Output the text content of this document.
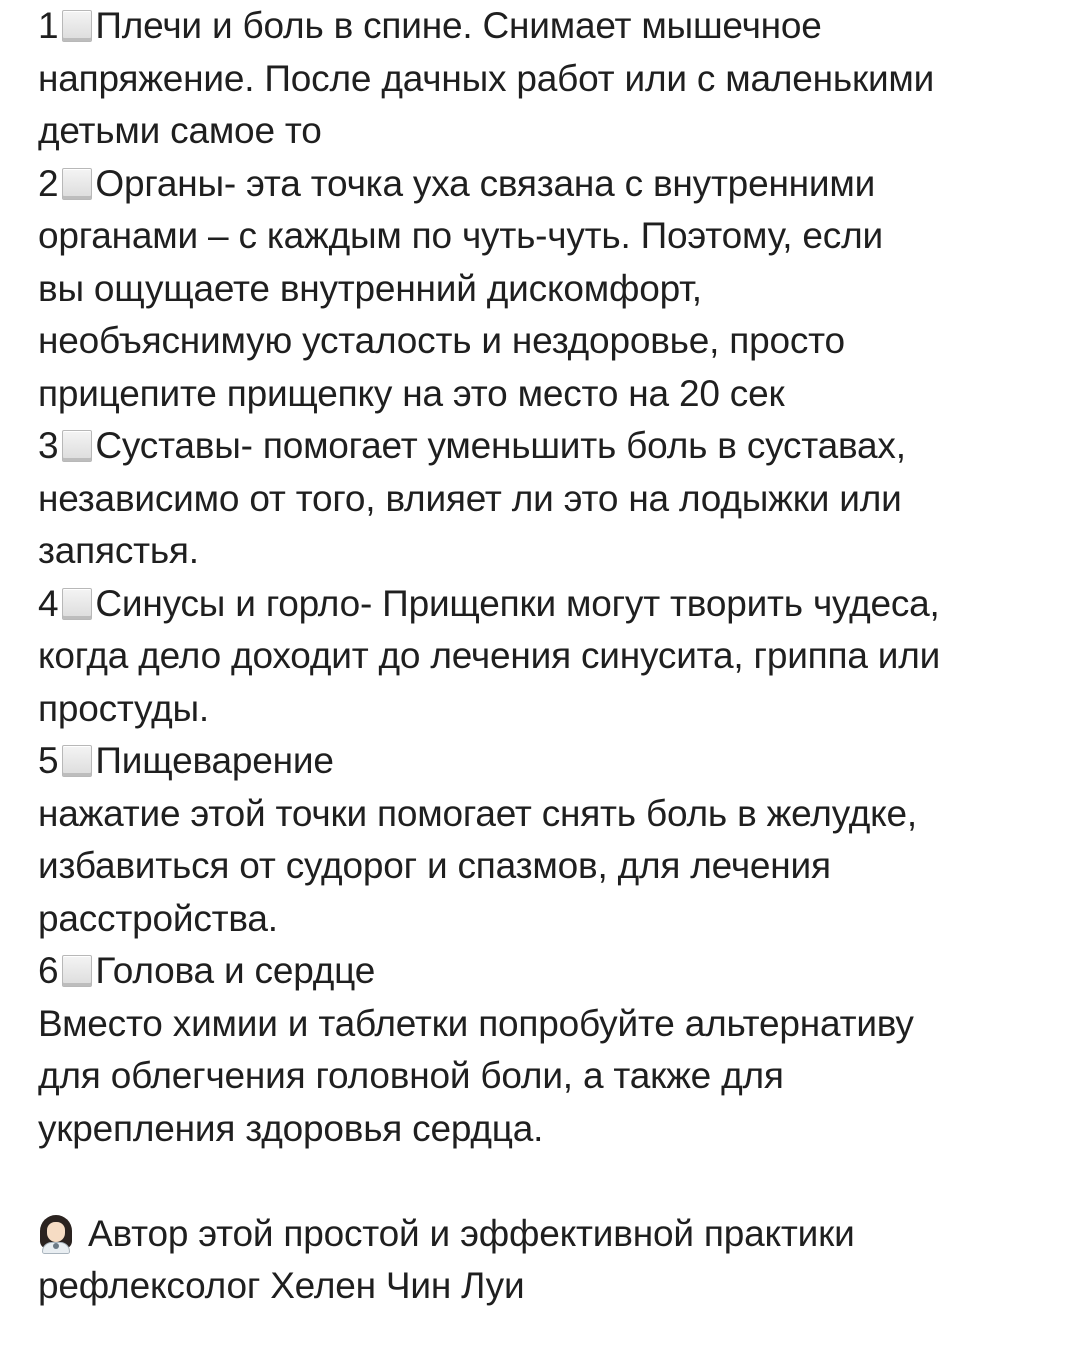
1 Плечи и боль в спине. Снимает мышечное
напряжение. После дачных работ или с маленькими
детьми самое то
2 Органы- эта точка уха связана с внутренними
органами – с каждым по чуть-чуть. Поэтому, если
вы ощущаете внутренний дискомфорт,
необъяснимую усталость и нездоровье, просто
прицепите прищепку на это место на 20 сек
3 Суставы- помогает уменьшить боль в суставах,
независимо от того, влияет ли это на лодыжки или
запястья.
4 Синусы и горло- Прищепки могут творить чудеса,
когда дело доходит до лечения синусита, гриппа или
простуды.
5 Пищеварение
нажатие этой точки помогает снять боль в желудке,
избавиться от судорог и спазмов, для лечения
расстройства.
6 Голова и сердце
Вместо химии и таблетки попробуйте альтернативу
для облегчения головной боли, а также для
укрепления здоровья сердца.
Автор этой простой и эффективной практики
рефлексолог Хелен Чин Луи
